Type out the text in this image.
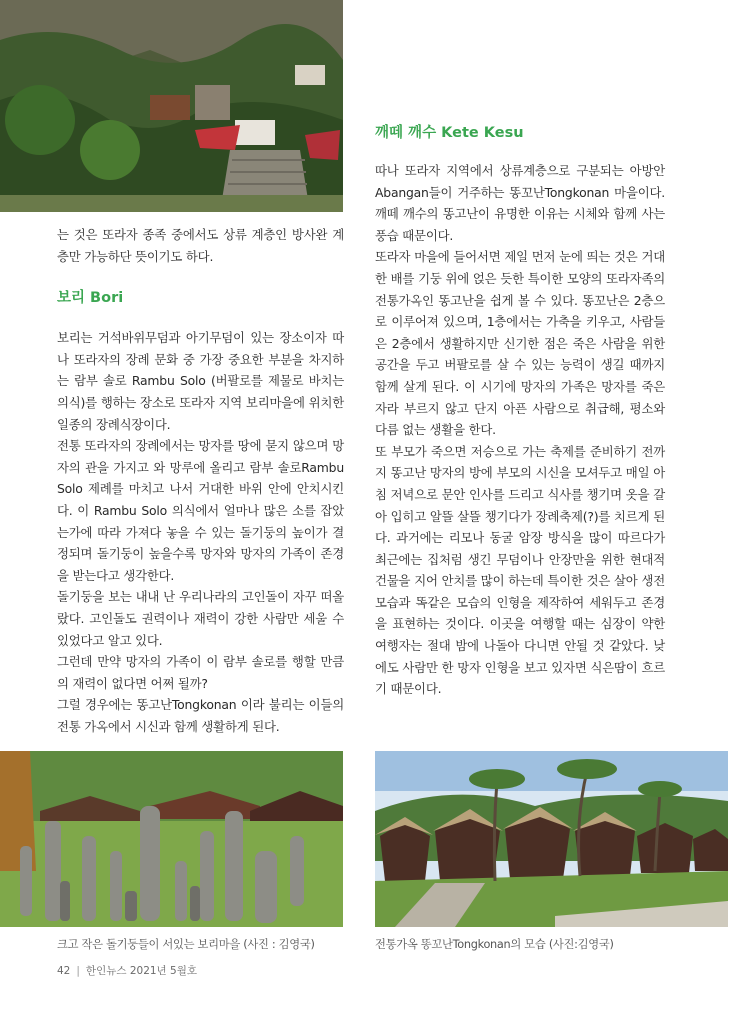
는 것은 또라자 종족 중에서도 상류 계층인 방사완 계층만 가능하단 뜻이기도 하다.

보리 Bori

보리는 거석바위무덤과 아기무덤이 있는 장소이자 따나 또라자의 장례 문화 중 가장 중요한 부분을 차지하는 람부 솔로 Rambu Solo (버팔로를 제물로 바치는 의식)를 행하는 장소로 또라자 지역 보리마을에 위치한 일종의 장례식장이다.

전통 또라자의 장례에서는 망자를 땅에 묻지 않으며 망자의 관을 가지고 와 망루에 올리고 람부 솔로Rambu Solo 제례를 마치고 나서 거대한 바위 안에 안치시킨다. 이 Rambu Solo 의식에서 얼마나 많은 소를 잡았는가에 따라 가져다 놓을 수 있는 돌기둥의 높이가 결정되며 돌기둥이 높을수록 망자와 망자의 가족이 존경을 받는다고 생각한다.

돌기둥을 보는 내내 난 우리나라의 고인돌이 자꾸 떠올랐다. 고인돌도 권력이나 재력이 강한 사람만 세울 수 있었다고 알고 있다.

그런데 만약 망자의 가족이 이 람부 솔로를 행할 만큼의 재력이 없다면 어쩌 될까?

그럴 경우에는 똥고난Tongkonan 이라 불리는 이들의 전통 가옥에서 시신과 함께 생활하게 된다.

깨떼 깨수 Kete Kesu

따나 또라자 지역에서 상류계층으로 구분되는 아방안Abangan들이 거주하는 똥꼬난Tongkonan 마을이다. 깨떼 깨수의 똥고난이 유명한 이유는 시체와 함께 사는 풍습 때문이다.

또라자 마을에 들어서면 제일 먼저 눈에 띄는 것은 거대한 배를 기둥 위에 얹은 듯한 특이한 모양의 또라자족의 전통가옥인 똥고난을 쉽게 볼 수 있다. 똥꼬난은 2층으로 이루어져 있으며, 1층에서는 가축을 키우고, 사람들은 2층에서 생활하지만 신기한 점은 죽은 사람을 위한 공간을 두고 버팔로를 살 수 있는 능력이 생길 때까지 함께 살게 된다. 이 시기에 망자의 가족은 망자를 죽은 자라 부르지 않고 단지 아픈 사람으로 취급해, 평소와 다름 없는 생활을 한다.

또 부모가 죽으면 저승으로 가는 축제를 준비하기 전까지 똥고난 망자의 방에 부모의 시신을 모셔두고 매일 아침 저녁으로 문안 인사를 드리고 식사를 챙기며 옷을 갈아 입히고 알뜰 살뜰 챙기다가 장례축제(?)를 치르게 된다. 과거에는 리모나 동굴 암장 방식을 많이 따르다가 최근에는 집처럼 생긴 무덤이나 안장만을 위한 현대적 건물을 지어 안치를 많이 하는데 특이한 것은 살아 생전 모습과 똑같은 모습의 인형을 제작하여 세워두고 존경을 표현하는 것이다. 이곳을 여행할 때는 심장이 약한 여행자는 절대 밤에 나돌아 다니면 안될 것 같았다. 낮에도 사람만 한 망자 인형을 보고 있자면 식은땀이 흐르기 때문이다.

크고 작은 돌기둥들이 서있는 보리마을 (사진 : 김영국)	전통가옥 똥꼬난Tongkonan의 모습 (사진:김영국)
42 | 한인뉴스 2021년 5월호
